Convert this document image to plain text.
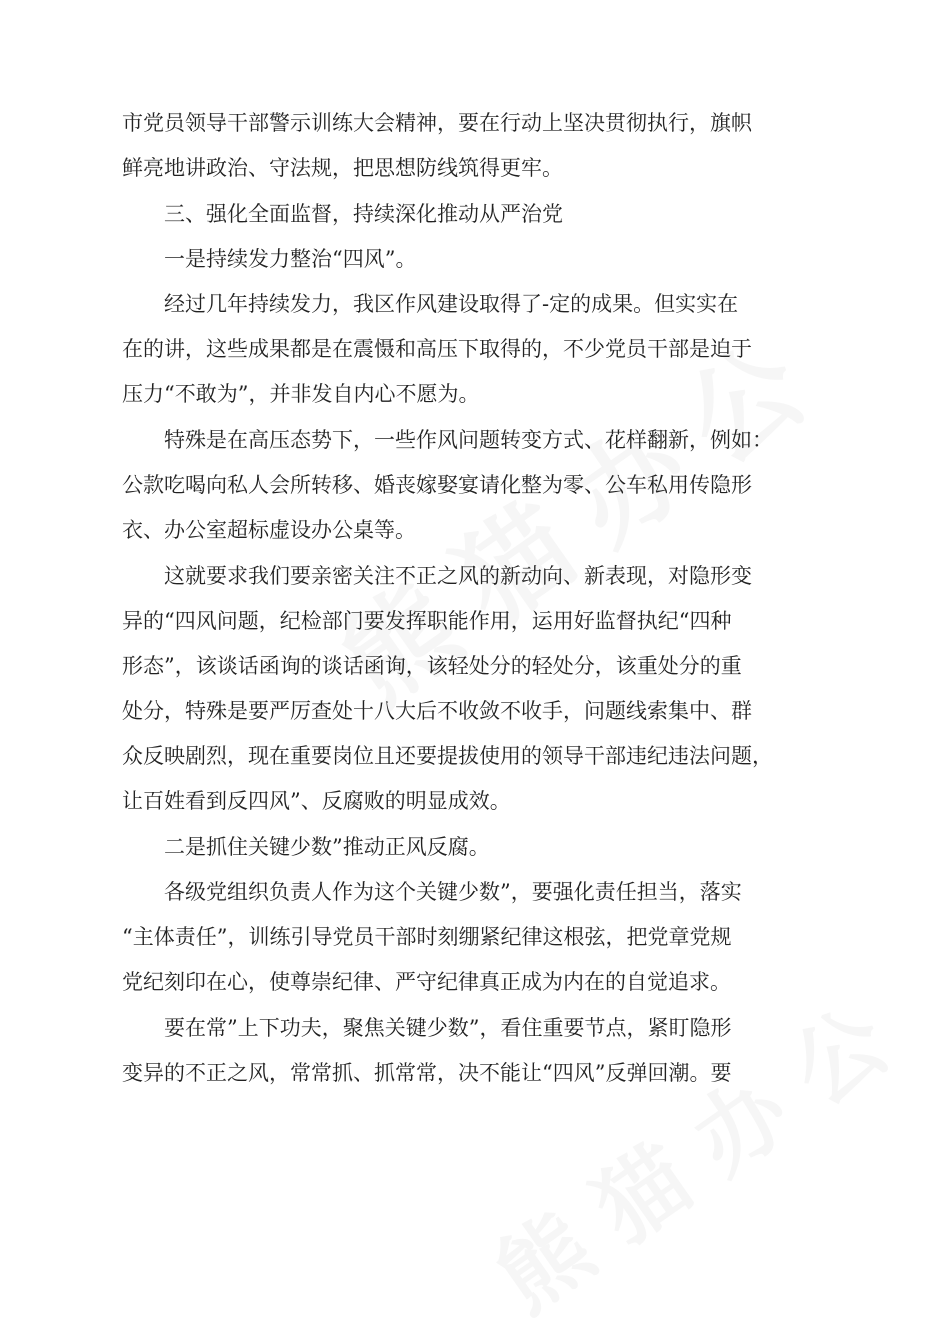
市党员领导干部警示训练大会精神，要在行动上坚决贯彻执行，旗帜
鲜亮地讲政治、守法规，把思想防线筑得更牢。
三、强化全面监督，持续深化推动从严治党
一是持续发力整治“四风”。
经过几年持续发力，我区作风建设取得了-定的成果。但实实在
在的讲，这些成果都是在震慑和高压下取得的，不少党员干部是迫于
压力“不敢为”，并非发自内心不愿为。
特殊是在高压态势下，一些作风问题转变方式、花样翻新，例如：
公款吃喝向私人会所转移、婚丧嫁娶宴请化整为零、公车私用传隐形
衣、办公室超标虚设办公桌等。
这就要求我们要亲密关注不正之风的新动向、新表现，对隐形变
异的“四风问题，纪检部门要发挥职能作用，运用好监督执纪“四种
形态”，该谈话函询的谈话函询，该轻处分的轻处分，该重处分的重
处分，特殊是要严厉查处十八大后不收敛不收手，问题线索集中、群
众反映剧烈，现在重要岗位且还要提拔使用的领导干部违纪违法问题，
让百姓看到反四风”、反腐败的明显成效。
二是抓住关键少数”推动正风反腐。
各级党组织负责人作为这个关键少数”，要强化责任担当，落实
“主体责任”，训练引导党员干部时刻绷紧纪律这根弦，把党章党规
党纪刻印在心，使尊崇纪律、严守纪律真正成为内在的自觉追求。
要在常”上下功夫，聚焦关键少数”，看住重要节点，紧盯隐形
变异的不正之风，常常抓、抓常常，决不能让“四风”反弹回潮。要
